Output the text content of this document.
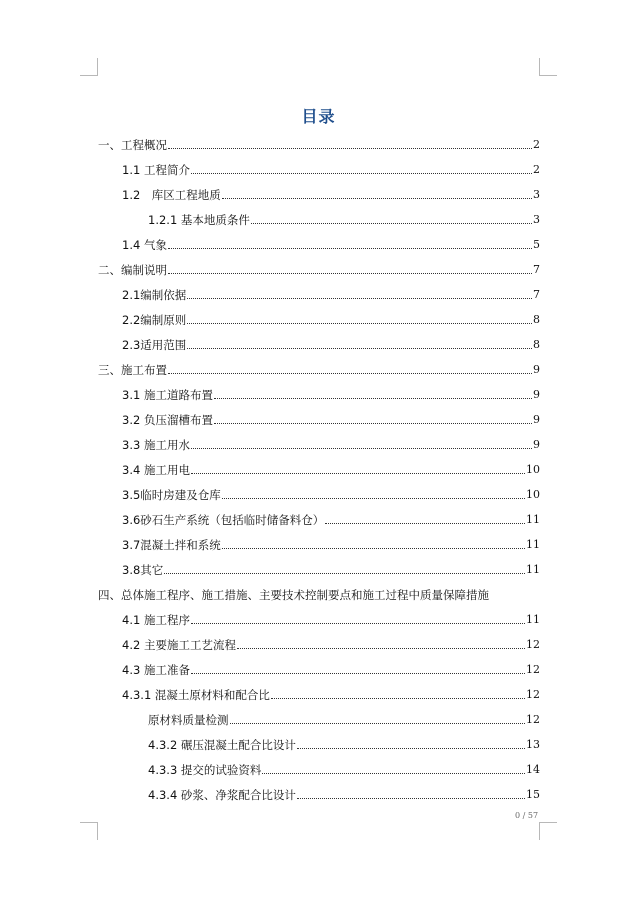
目录
一、工程概况	2
1.1 工程简介	2
1.2　库区工程地质	3
1.2.1 基本地质条件	3
1.4 气象	5
二、编制说明	7
2.1编制依据	7
2.2编制原则	8
2.3适用范围	8
三、施工布置	9
3.1 施工道路布置	9
3.2 负压溜槽布置	9
3.3 施工用水	9
3.4 施工用电	10
3.5临时房建及仓库	10
3.6砂石生产系统（包括临时储备料仓）	11
3.7混凝土拌和系统	11
3.8其它	11
四、总体施工程序、施工措施、主要技术控制要点和施工过程中质量保障措施
4.1 施工程序	11
4.2 主要施工工艺流程	12
4.3 施工准备	12
4.3.1 混凝土原材料和配合比	12
原材料质量检测	12
4.3.2 碾压混凝土配合比设计	13
4.3.3 提交的试验资料	14
4.3.4 砂浆、净浆配合比设计	15
0 / 57
